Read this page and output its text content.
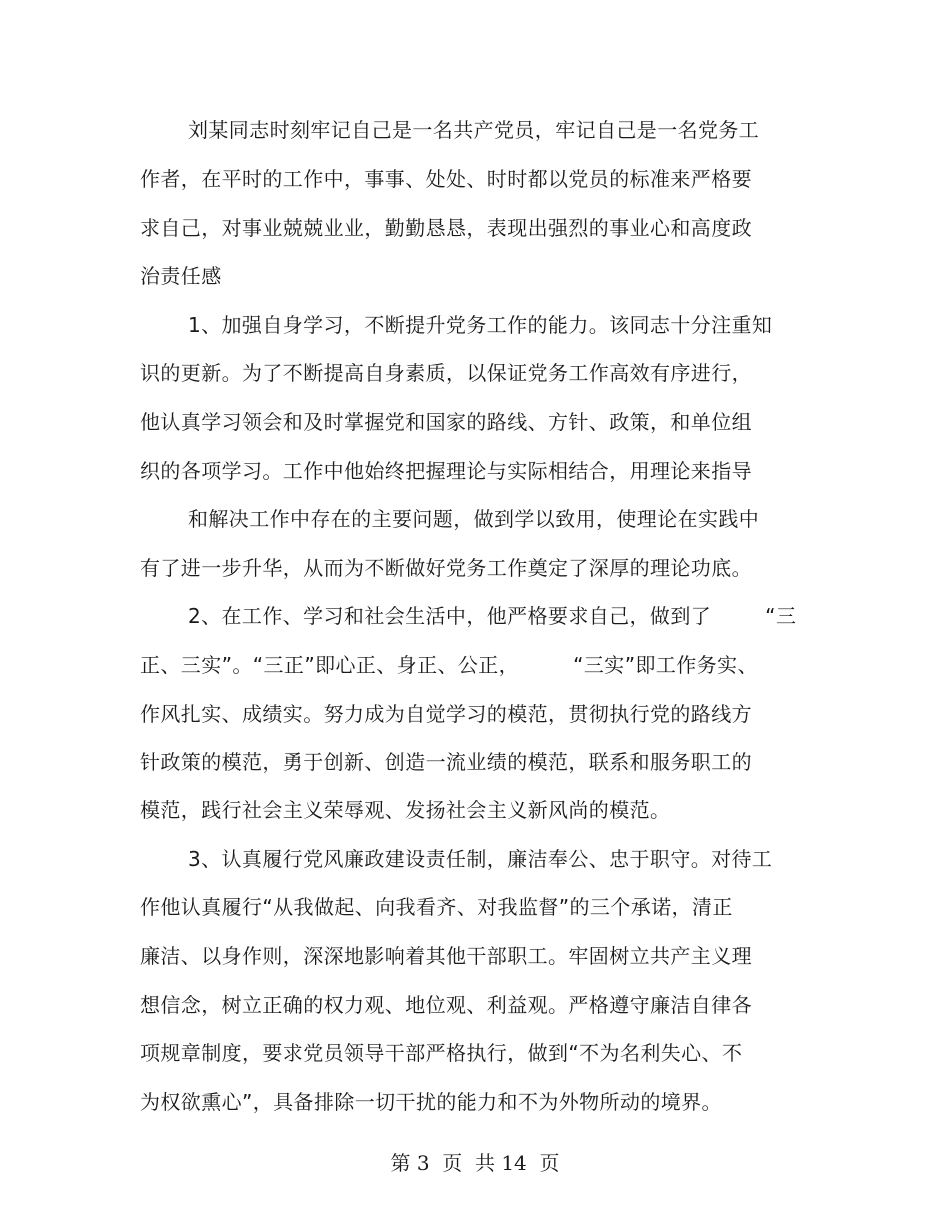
刘某同志时刻牢记自己是一名共产党员，牢记自己是一名党务工
作者，在平时的工作中，事事、处处、时时都以党员的标准来严格要
求自己，对事业兢兢业业，勤勤恳恳，表现出强烈的事业心和高度政
治责任感
1、加强自身学习，不断提升党务工作的能力。该同志十分注重知
识的更新。为了不断提高自身素质，以保证党务工作高效有序进行，
他认真学习领会和及时掌握党和国家的路线、方针、政策，和单位组
织的各项学习。工作中他始终把握理论与实际相结合，用理论来指导
和解决工作中存在的主要问题，做到学以致用，使理论在实践中
有了进一步升华，从而为不断做好党务工作奠定了深厚的理论功底。
2、在工作、学习和社会生活中，他严格要求自己，做到了        “三
正、三实”。“三正”即心正、身正、公正，        “三实”即工作务实、
作风扎实、成绩实。努力成为自觉学习的模范，贯彻执行党的路线方
针政策的模范，勇于创新、创造一流业绩的模范，联系和服务职工的
模范，践行社会主义荣辱观、发扬社会主义新风尚的模范。
3、认真履行党风廉政建设责任制，廉洁奉公、忠于职守。对待工
作他认真履行“从我做起、向我看齐、对我监督”的三个承诺，清正
廉洁、以身作则，深深地影响着其他干部职工。牢固树立共产主义理
想信念，树立正确的权力观、地位观、利益观。严格遵守廉洁自律各
项规章制度，要求党员领导干部严格执行，做到“不为名利失心、不
为权欲熏心”，具备排除一切干扰的能力和不为外物所动的境界。
第 3  页  共 14  页
